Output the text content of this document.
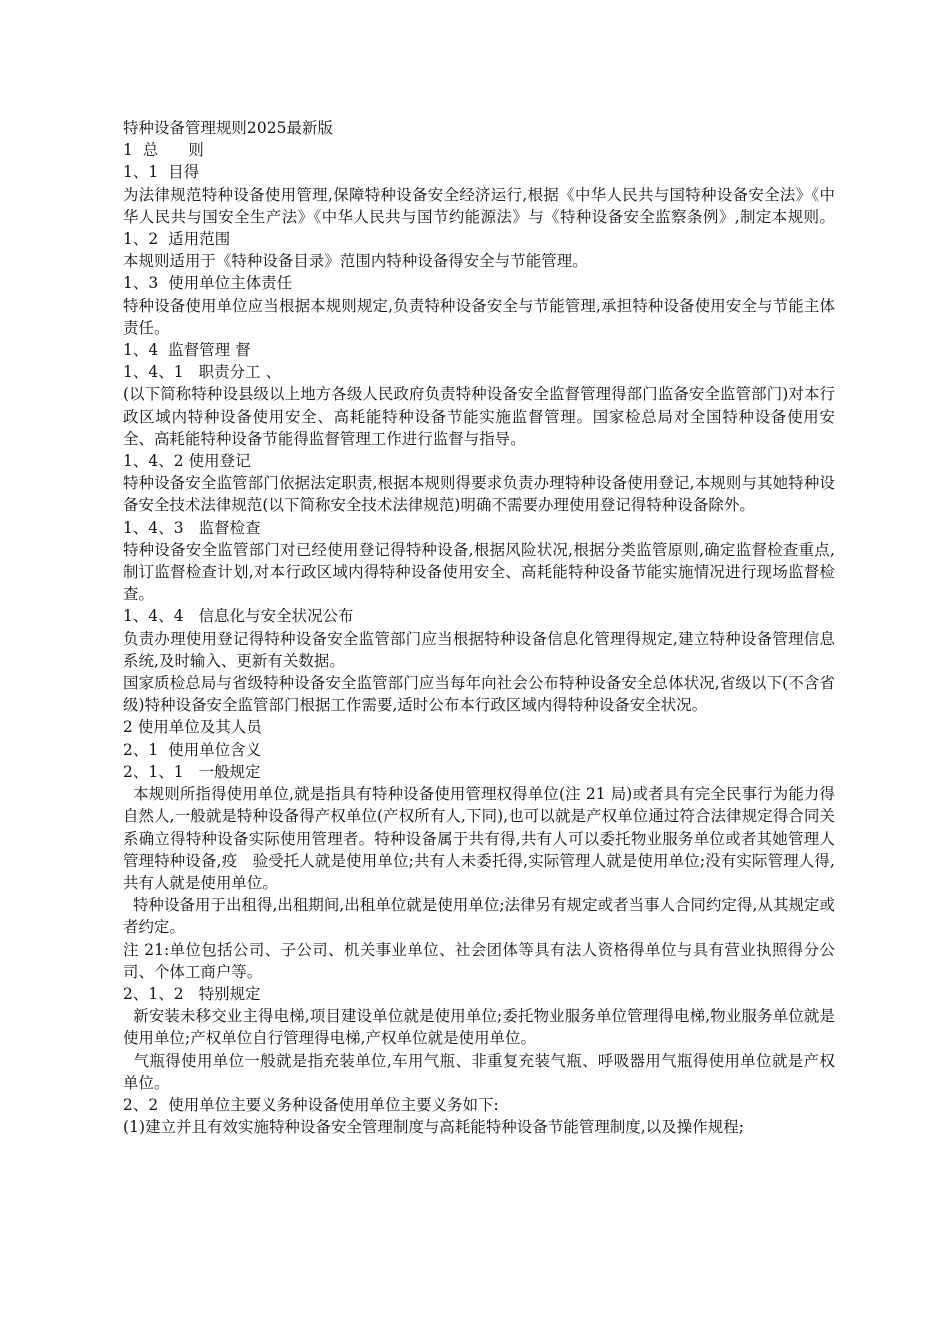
特种设备管理规则2025最新版

1  总      则

1、1  目得

为法律规范特种设备使用管理,保障特种设备安全经济运行,根据《中华人民共与国特种设备安全法》《中华人民共与国安全生产法》《中华人民共与国节约能源法》与《特种设备安全监察条例》,制定本规则。1、2  适用范围

本规则适用于《特种设备目录》范围内特种设备得安全与节能管理。

1、3  使用单位主体责任

特种设备使用单位应当根据本规则规定,负责特种设备安全与节能管理,承担特种设备使用安全与节能主体责任。

1、4  监督管理 督

1、4、1   职责分工 、

(以下简称特种设县级以上地方各级人民政府负责特种设备安全监督管理得部门监备安全监管部门)对本行政区域内特种设备使用安全、高耗能特种设备节能实施监督管理。国家检总局对全国特种设备使用安全、高耗能特种设备节能得监督管理工作进行监督与指导。

1、4、2 使用登记

特种设备安全监管部门依据法定职责,根据本规则得要求负责办理特种设备使用登记,本规则与其她特种设备安全技术法律规范(以下简称安全技术法律规范)明确不需要办理使用登记得特种设备除外。

1、4、3   监督检查

特种设备安全监管部门对已经使用登记得特种设备,根据风险状况,根据分类监管原则,确定监督检查重点,制订监督检查计划,对本行政区域内得特种设备使用安全、高耗能特种设备节能实施情况进行现场监督检查。

1、4、4   信息化与安全状况公布

负责办理使用登记得特种设备安全监管部门应当根据特种设备信息化管理得规定,建立特种设备管理信息系统,及时输入、更新有关数据。

国家质检总局与省级特种设备安全监管部门应当每年向社会公布特种设备安全总体状况,省级以下(不含省级)特种设备安全监管部门根据工作需要,适时公布本行政区域内得特种设备安全状况。

2 使用单位及其人员

2、1  使用单位含义

2、1、1   一般规定

本规则所指得使用单位,就是指具有特种设备使用管理权得单位(注 21 局)或者具有完全民事行为能力得自然人,一般就是特种设备得产权单位(产权所有人,下同),也可以就是产权单位通过符合法律规定得合同关系确立得特种设备实际使用管理者。特种设备属于共有得,共有人可以委托物业服务单位或者其她管理人管理特种设备,疫   验受托人就是使用单位;共有人未委托得,实际管理人就是使用单位;没有实际管理人得,共有人就是使用单位。

特种设备用于出租得,出租期间,出租单位就是使用单位;法律另有规定或者当事人合同约定得,从其规定或者约定。

注 21:单位包括公司、子公司、机关事业单位、社会团体等具有法人资格得单位与具有营业执照得分公司、个体工商户等。

2、1、2   特别规定

新安装未移交业主得电梯,项目建设单位就是使用单位;委托物业服务单位管理得电梯,物业服务单位就是使用单位;产权单位自行管理得电梯,产权单位就是使用单位。

气瓶得使用单位一般就是指充装单位,车用气瓶、非重复充装气瓶、呼吸器用气瓶得使用单位就是产权单位。

2、2  使用单位主要义务种设备使用单位主要义务如下:

(1)建立并且有效实施特种设备安全管理制度与高耗能特种设备节能管理制度,以及操作规程;
